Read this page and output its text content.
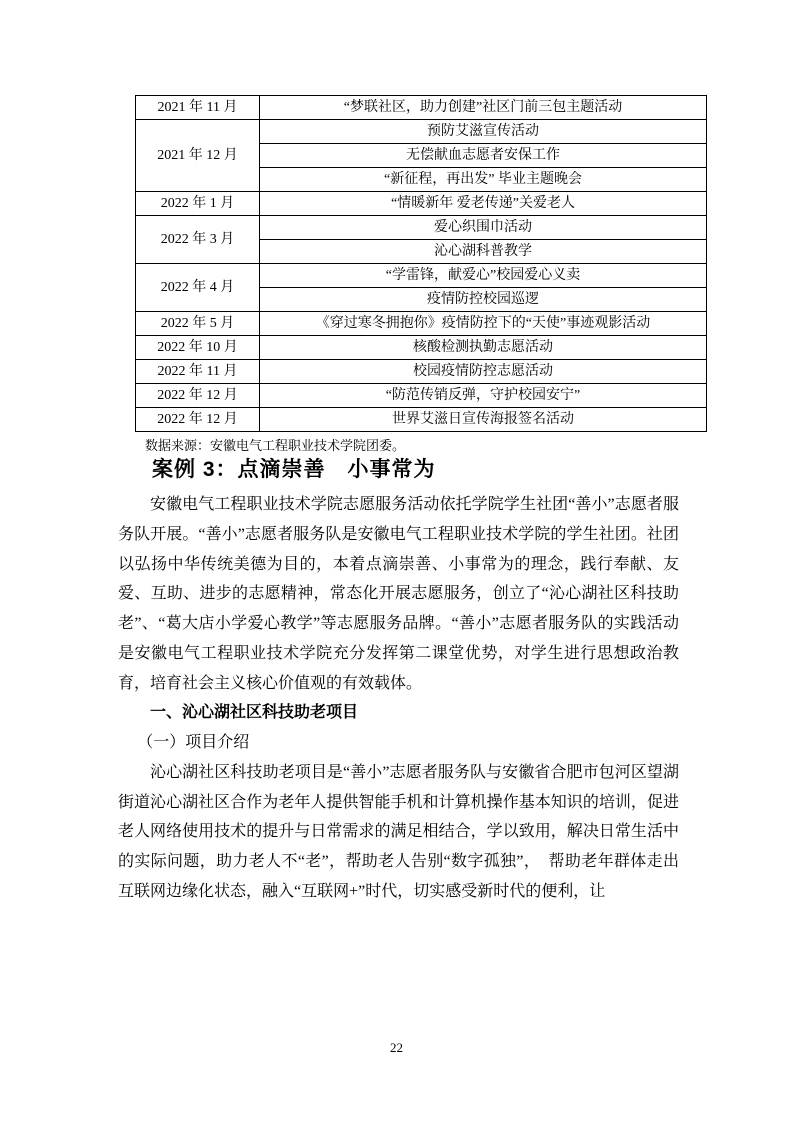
2021 年 11 月	“梦联社区，助力创建”社区门前三包主题活动
2021 年 12 月	预防艾滋宣传活动
	无偿献血志愿者安保工作
	“新征程，再出发” 毕业主题晚会
2022 年 1 月	“情暖新年 爱老传递”关爱老人
2022 年 3 月	爱心织围巾活动
	沁心湖科普教学
2022 年 4 月	“学雷锋，献爱心”校园爱心义卖
	疫情防控校园巡逻
2022 年 5 月	《穿过寒冬拥抱你》疫情防控下的“天使”事迹观影活动
2022 年 10 月	核酸检测执勤志愿活动
2022 年 11 月	校园疫情防控志愿活动
2022 年 12 月	“防范传销反弹，守护校园安宁”
2022 年 12 月	世界艾滋日宣传海报签名活动
数据来源：安徽电气工程职业技术学院团委。
案例 3：点滴崇善　小事常为

安徽电气工程职业技术学院志愿服务活动依托学院学生社团“善小”志愿者服务队开展。“善小”志愿者服务队是安徽电气工程职业技术学院的学生社团。社团以弘扬中华传统美德为目的，本着点滴崇善、小事常为的理念，践行奉献、友爱、互助、进步的志愿精神，常态化开展志愿服务，创立了“沁心湖社区科技助老”、“葛大店小学爱心教学”等志愿服务品牌。“善小”志愿者服务队的实践活动是安徽电气工程职业技术学院充分发挥第二课堂优势，对学生进行思想政治教育，培育社会主义核心价值观的有效载体。

一、沁心湖社区科技助老项目

（一）项目介绍

沁心湖社区科技助老项目是“善小”志愿者服务队与安徽省合肥市包河区望湖街道沁心湖社区合作为老年人提供智能手机和计算机操作基本知识的培训，促进老人网络使用技术的提升与日常需求的满足相结合，学以致用，解决日常生活中的实际问题，助力老人不“老”，帮助老人告别“数字孤独”，　帮助老年群体走出互联网边缘化状态，融入“互联网+”时代，切实感受新时代的便利，让

22
